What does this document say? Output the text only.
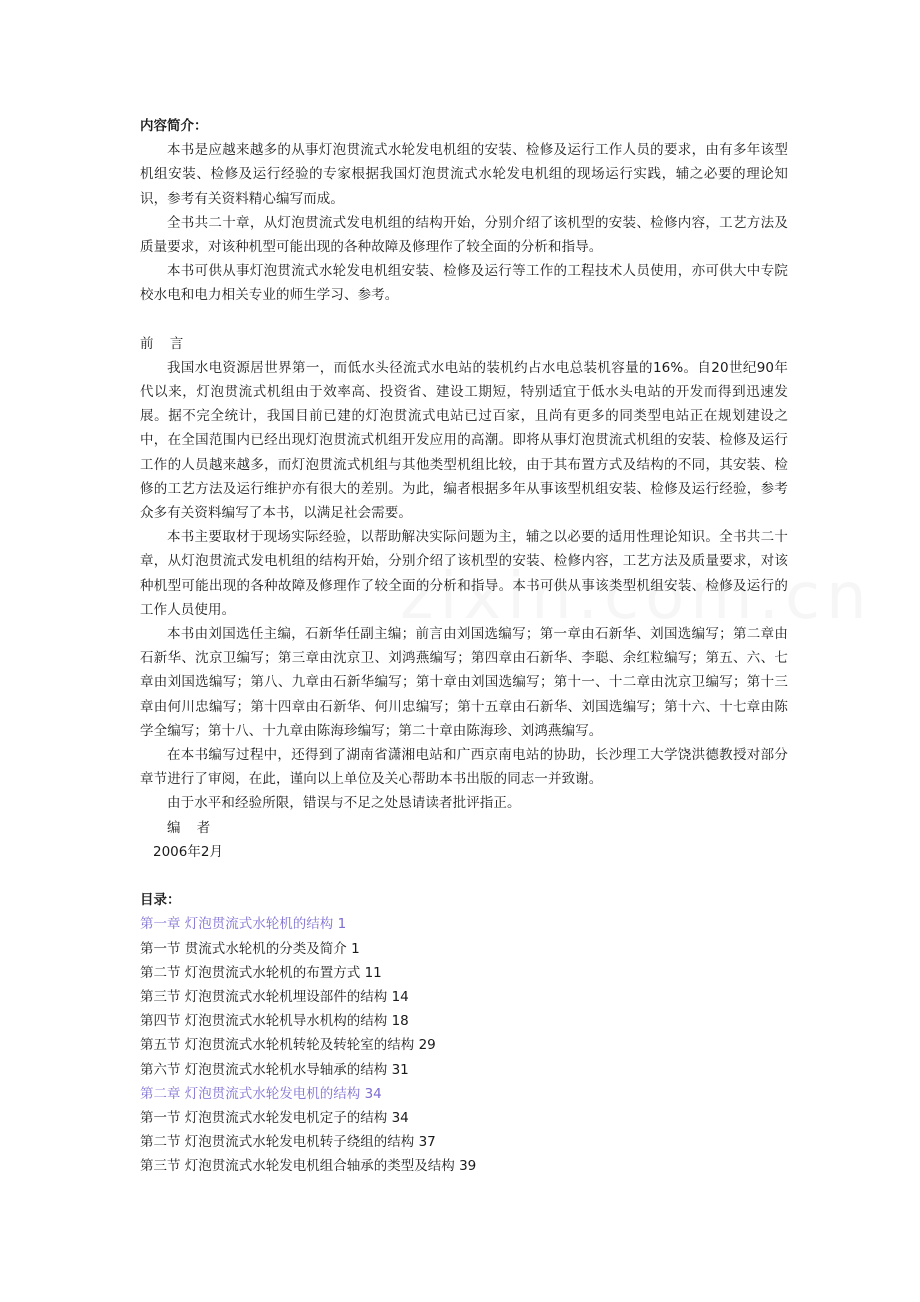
内容简介：

本书是应越来越多的从事灯泡贯流式水轮发电机组的安装、检修及运行工作人员的要求，由有多年该型机组安装、检修及运行经验的专家根据我国灯泡贯流式水轮发电机组的现场运行实践，辅之必要的理论知识，参考有关资料精心编写而成。

全书共二十章，从灯泡贯流式发电机组的结构开始，分别介绍了该机型的安装、检修内容，工艺方法及质量要求，对该种机型可能出现的各种故障及修理作了较全面的分析和指导。

本书可供从事灯泡贯流式水轮发电机组安装、检修及运行等工作的工程技术人员使用，亦可供大中专院校水电和电力相关专业的师生学习、参考。

前 言

我国水电资源居世界第一，而低水头径流式水电站的装机约占水电总装机容量的16%。自20世纪90年代以来，灯泡贯流式机组由于效率高、投资省、建设工期短，特别适宜于低水头电站的开发而得到迅速发展。据不完全统计，我国目前已建的灯泡贯流式电站已过百家，且尚有更多的同类型电站正在规划建设之中，在全国范围内已经出现灯泡贯流式机组开发应用的高潮。即将从事灯泡贯流式机组的安装、检修及运行工作的人员越来越多，而灯泡贯流式机组与其他类型机组比较，由于其布置方式及结构的不同，其安装、检修的工艺方法及运行维护亦有很大的差别。为此，编者根据多年从事该型机组安装、检修及运行经验，参考众多有关资料编写了本书，以满足社会需要。

本书主要取材于现场实际经验，以帮助解决实际问题为主，辅之以必要的适用性理论知识。全书共二十章，从灯泡贯流式发电机组的结构开始，分别介绍了该机型的安装、检修内容，工艺方法及质量要求，对该种机型可能出现的各种故障及修理作了较全面的分析和指导。本书可供从事该类型机组安装、检修及运行的工作人员使用。

本书由刘国选任主编，石新华任副主编；前言由刘国选编写；第一章由石新华、刘国选编写；第二章由石新华、沈京卫编写；第三章由沈京卫、刘鸿燕编写；第四章由石新华、李聪、余红粒编写；第五、六、七章由刘国选编写；第八、九章由石新华编写；第十章由刘国选编写；第十一、十二章由沈京卫编写；第十三章由何川忠编写；第十四章由石新华、何川忠编写；第十五章由石新华、刘国选编写；第十六、十七章由陈学全编写；第十八、十九章由陈海珍编写；第二十章由陈海珍、刘鸿燕编写。

在本书编写过程中，还得到了湖南省潇湘电站和广西京南电站的协助，长沙理工大学饶洪德教授对部分章节进行了审阅，在此，谨向以上单位及关心帮助本书出版的同志一并致谢。

由于水平和经验所限，错误与不足之处恳请读者批评指正。

编 者

2006年2月

目录：

第一章 灯泡贯流式水轮机的结构 1

第一节 贯流式水轮机的分类及简介 1

第二节 灯泡贯流式水轮机的布置方式 11

第三节 灯泡贯流式水轮机埋设部件的结构 14

第四节 灯泡贯流式水轮机导水机构的结构 18

第五节 灯泡贯流式水轮机转轮及转轮室的结构 29

第六节 灯泡贯流式水轮机水导轴承的结构 31

第二章 灯泡贯流式水轮发电机的结构 34

第一节 灯泡贯流式水轮发电机定子的结构 34

第二节 灯泡贯流式水轮发电机转子绕组的结构 37

第三节 灯泡贯流式水轮发电机组合轴承的类型及结构 39
